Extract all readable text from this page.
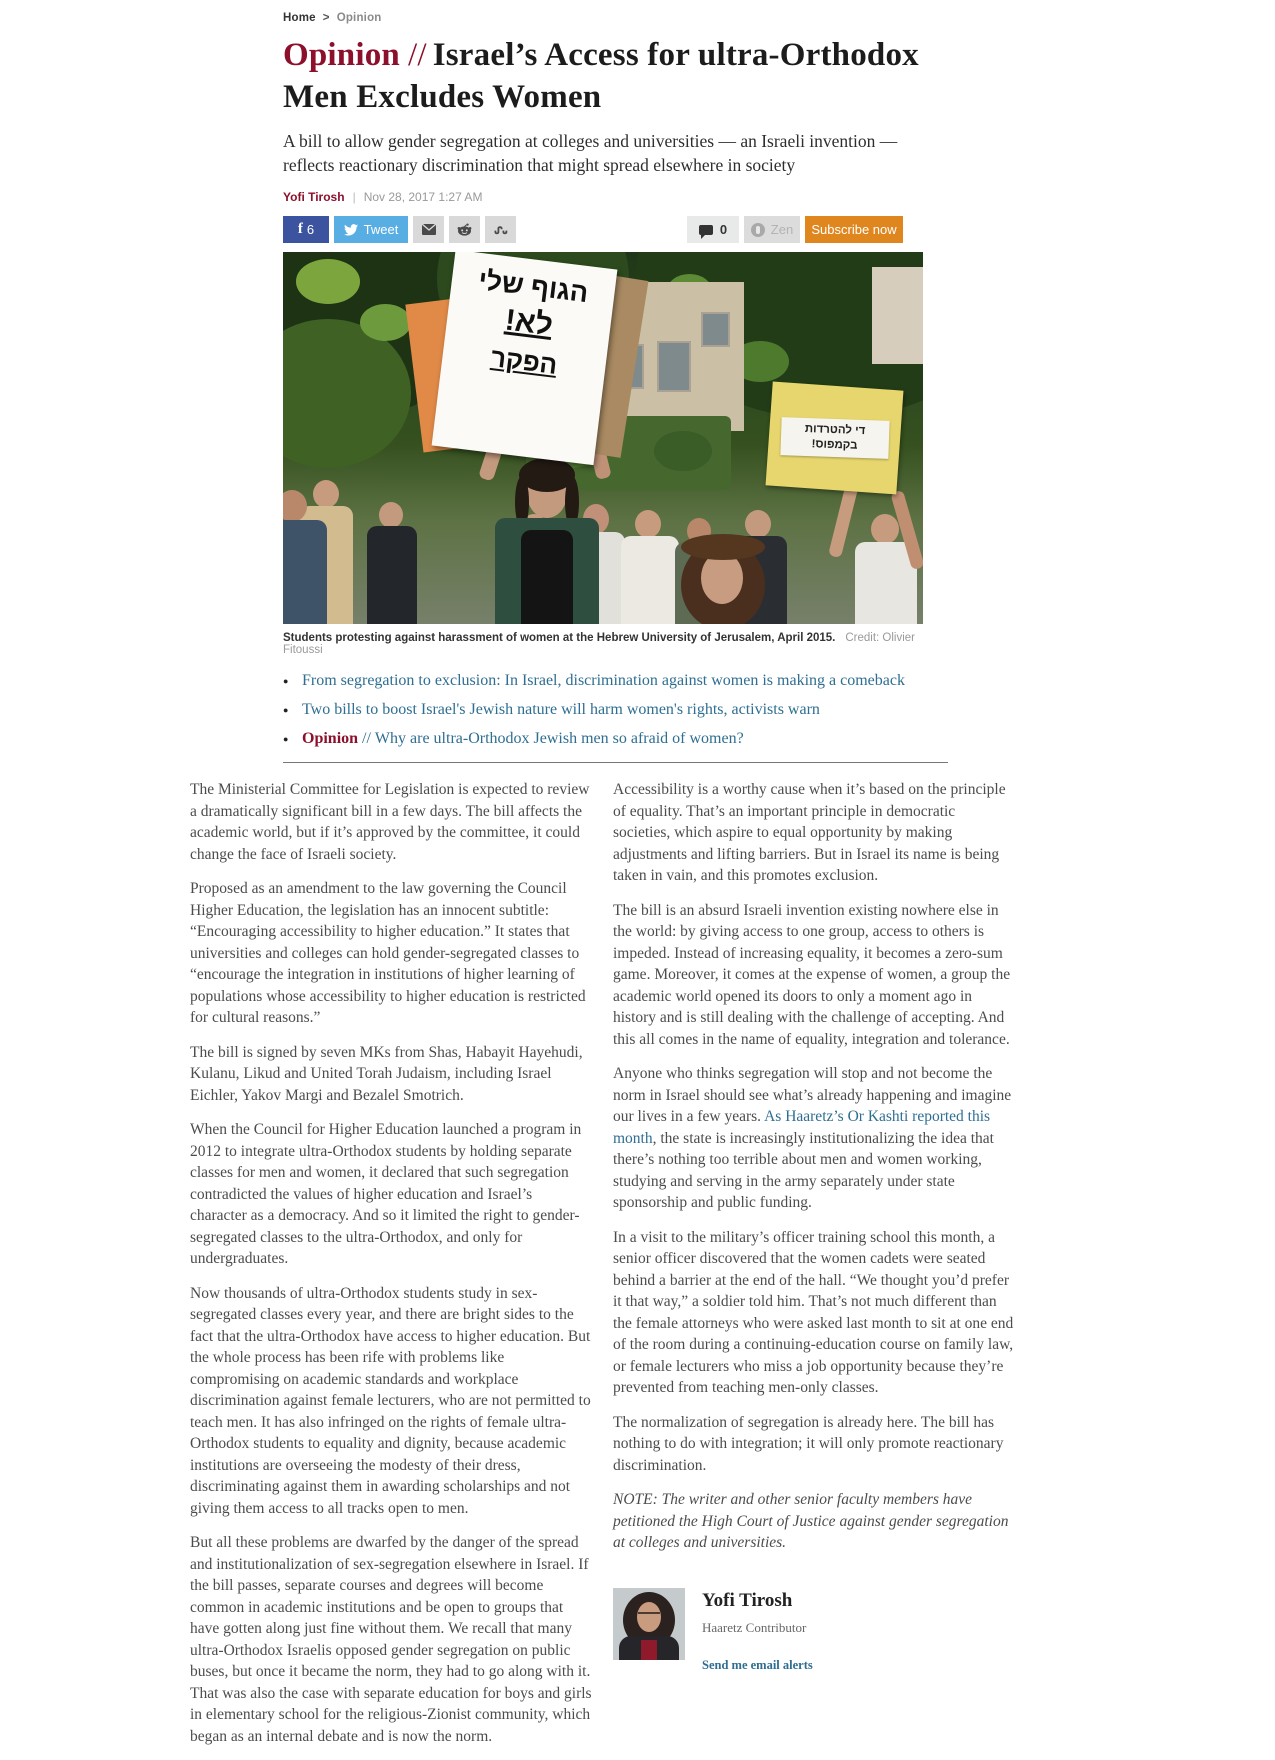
Home > Opinion
Opinion // Israel’s Access for ultra-Orthodox Men Excludes Women
A bill to allow gender segregation at colleges and universities — an Israeli invention — reflects reactionary discrimination that might spread elsewhere in society
Yofi Tirosh | Nov 28, 2017 1:27 AM
f 6	Tweet	0	Zen	Subscribe now
הגוף שלי
לא!
הפקר
די להטרדות
בקמפוס!
Students protesting against harassment of women at the Hebrew University of Jerusalem, April 2015. Credit: Olivier Fitoussi
● From segregation to exclusion: In Israel, discrimination against women is making a comeback
● Two bills to boost Israel's Jewish nature will harm women's rights, activists warn
● Opinion // Why are ultra-Orthodox Jewish men so afraid of women?

The Ministerial Committee for Legislation is expected to review a dramatically significant bill in a few days. The bill affects the academic world, but if it’s approved by the committee, it could change the face of Israeli society.

Proposed as an amendment to the law governing the Council Higher Education, the legislation has an innocent subtitle: “Encouraging accessibility to higher education.” It states that universities and colleges can hold gender-segregated classes to “encourage the integration in institutions of higher learning of populations whose accessibility to higher education is restricted for cultural reasons.”

The bill is signed by seven MKs from Shas, Habayit Hayehudi, Kulanu, Likud and United Torah Judaism, including Israel Eichler, Yakov Margi and Bezalel Smotrich.

When the Council for Higher Education launched a program in 2012 to integrate ultra-Orthodox students by holding separate classes for men and women, it declared that such segregation contradicted the values of higher education and Israel’s character as a democracy. And so it limited the right to gender-segregated classes to the ultra-Orthodox, and only for undergraduates.

Now thousands of ultra-Orthodox students study in sex-segregated classes every year, and there are bright sides to the fact that the ultra-Orthodox have access to higher education. But the whole process has been rife with problems like compromising on academic standards and workplace discrimination against female lecturers, who are not permitted to teach men. It has also infringed on the rights of female ultra-Orthodox students to equality and dignity, because academic institutions are overseeing the modesty of their dress, discriminating against them in awarding scholarships and not giving them access to all tracks open to men.

But all these problems are dwarfed by the danger of the spread and institutionalization of sex-segregation elsewhere in Israel. If the bill passes, separate courses and degrees will become common in academic institutions and be open to groups that have gotten along just fine without them. We recall that many ultra-Orthodox Israelis opposed gender segregation on public buses, but once it became the norm, they had to go along with it. That was also the case with separate education for boys and girls in elementary school for the religious-Zionist community, which began as an internal debate and is now the norm.

Accessibility is a worthy cause when it’s based on the principle of equality. That’s an important principle in democratic societies, which aspire to equal opportunity by making adjustments and lifting barriers. But in Israel its name is being taken in vain, and this promotes exclusion.

The bill is an absurd Israeli invention existing nowhere else in the world: by giving access to one group, access to others is impeded. Instead of increasing equality, it becomes a zero-sum game. Moreover, it comes at the expense of women, a group the academic world opened its doors to only a moment ago in history and is still dealing with the challenge of accepting. And this all comes in the name of equality, integration and tolerance.

Anyone who thinks segregation will stop and not become the norm in Israel should see what’s already happening and imagine our lives in a few years. As Haaretz’s Or Kashti reported this month, the state is increasingly institutionalizing the idea that there’s nothing too terrible about men and women working, studying and serving in the army separately under state sponsorship and public funding.

In a visit to the military’s officer training school this month, a senior officer discovered that the women cadets were seated behind a barrier at the end of the hall. “We thought you’d prefer it that way,” a soldier told him. That’s not much different than the female attorneys who were asked last month to sit at one end of the room during a continuing-education course on family law, or female lecturers who miss a job opportunity because they’re prevented from teaching men-only classes.

The normalization of segregation is already here. The bill has nothing to do with integration; it will only promote reactionary discrimination.

NOTE: The writer and other senior faculty members have petitioned the High Court of Justice against gender segregation at colleges and universities.

Yofi Tirosh
Haaretz Contributor
Send me email alerts
